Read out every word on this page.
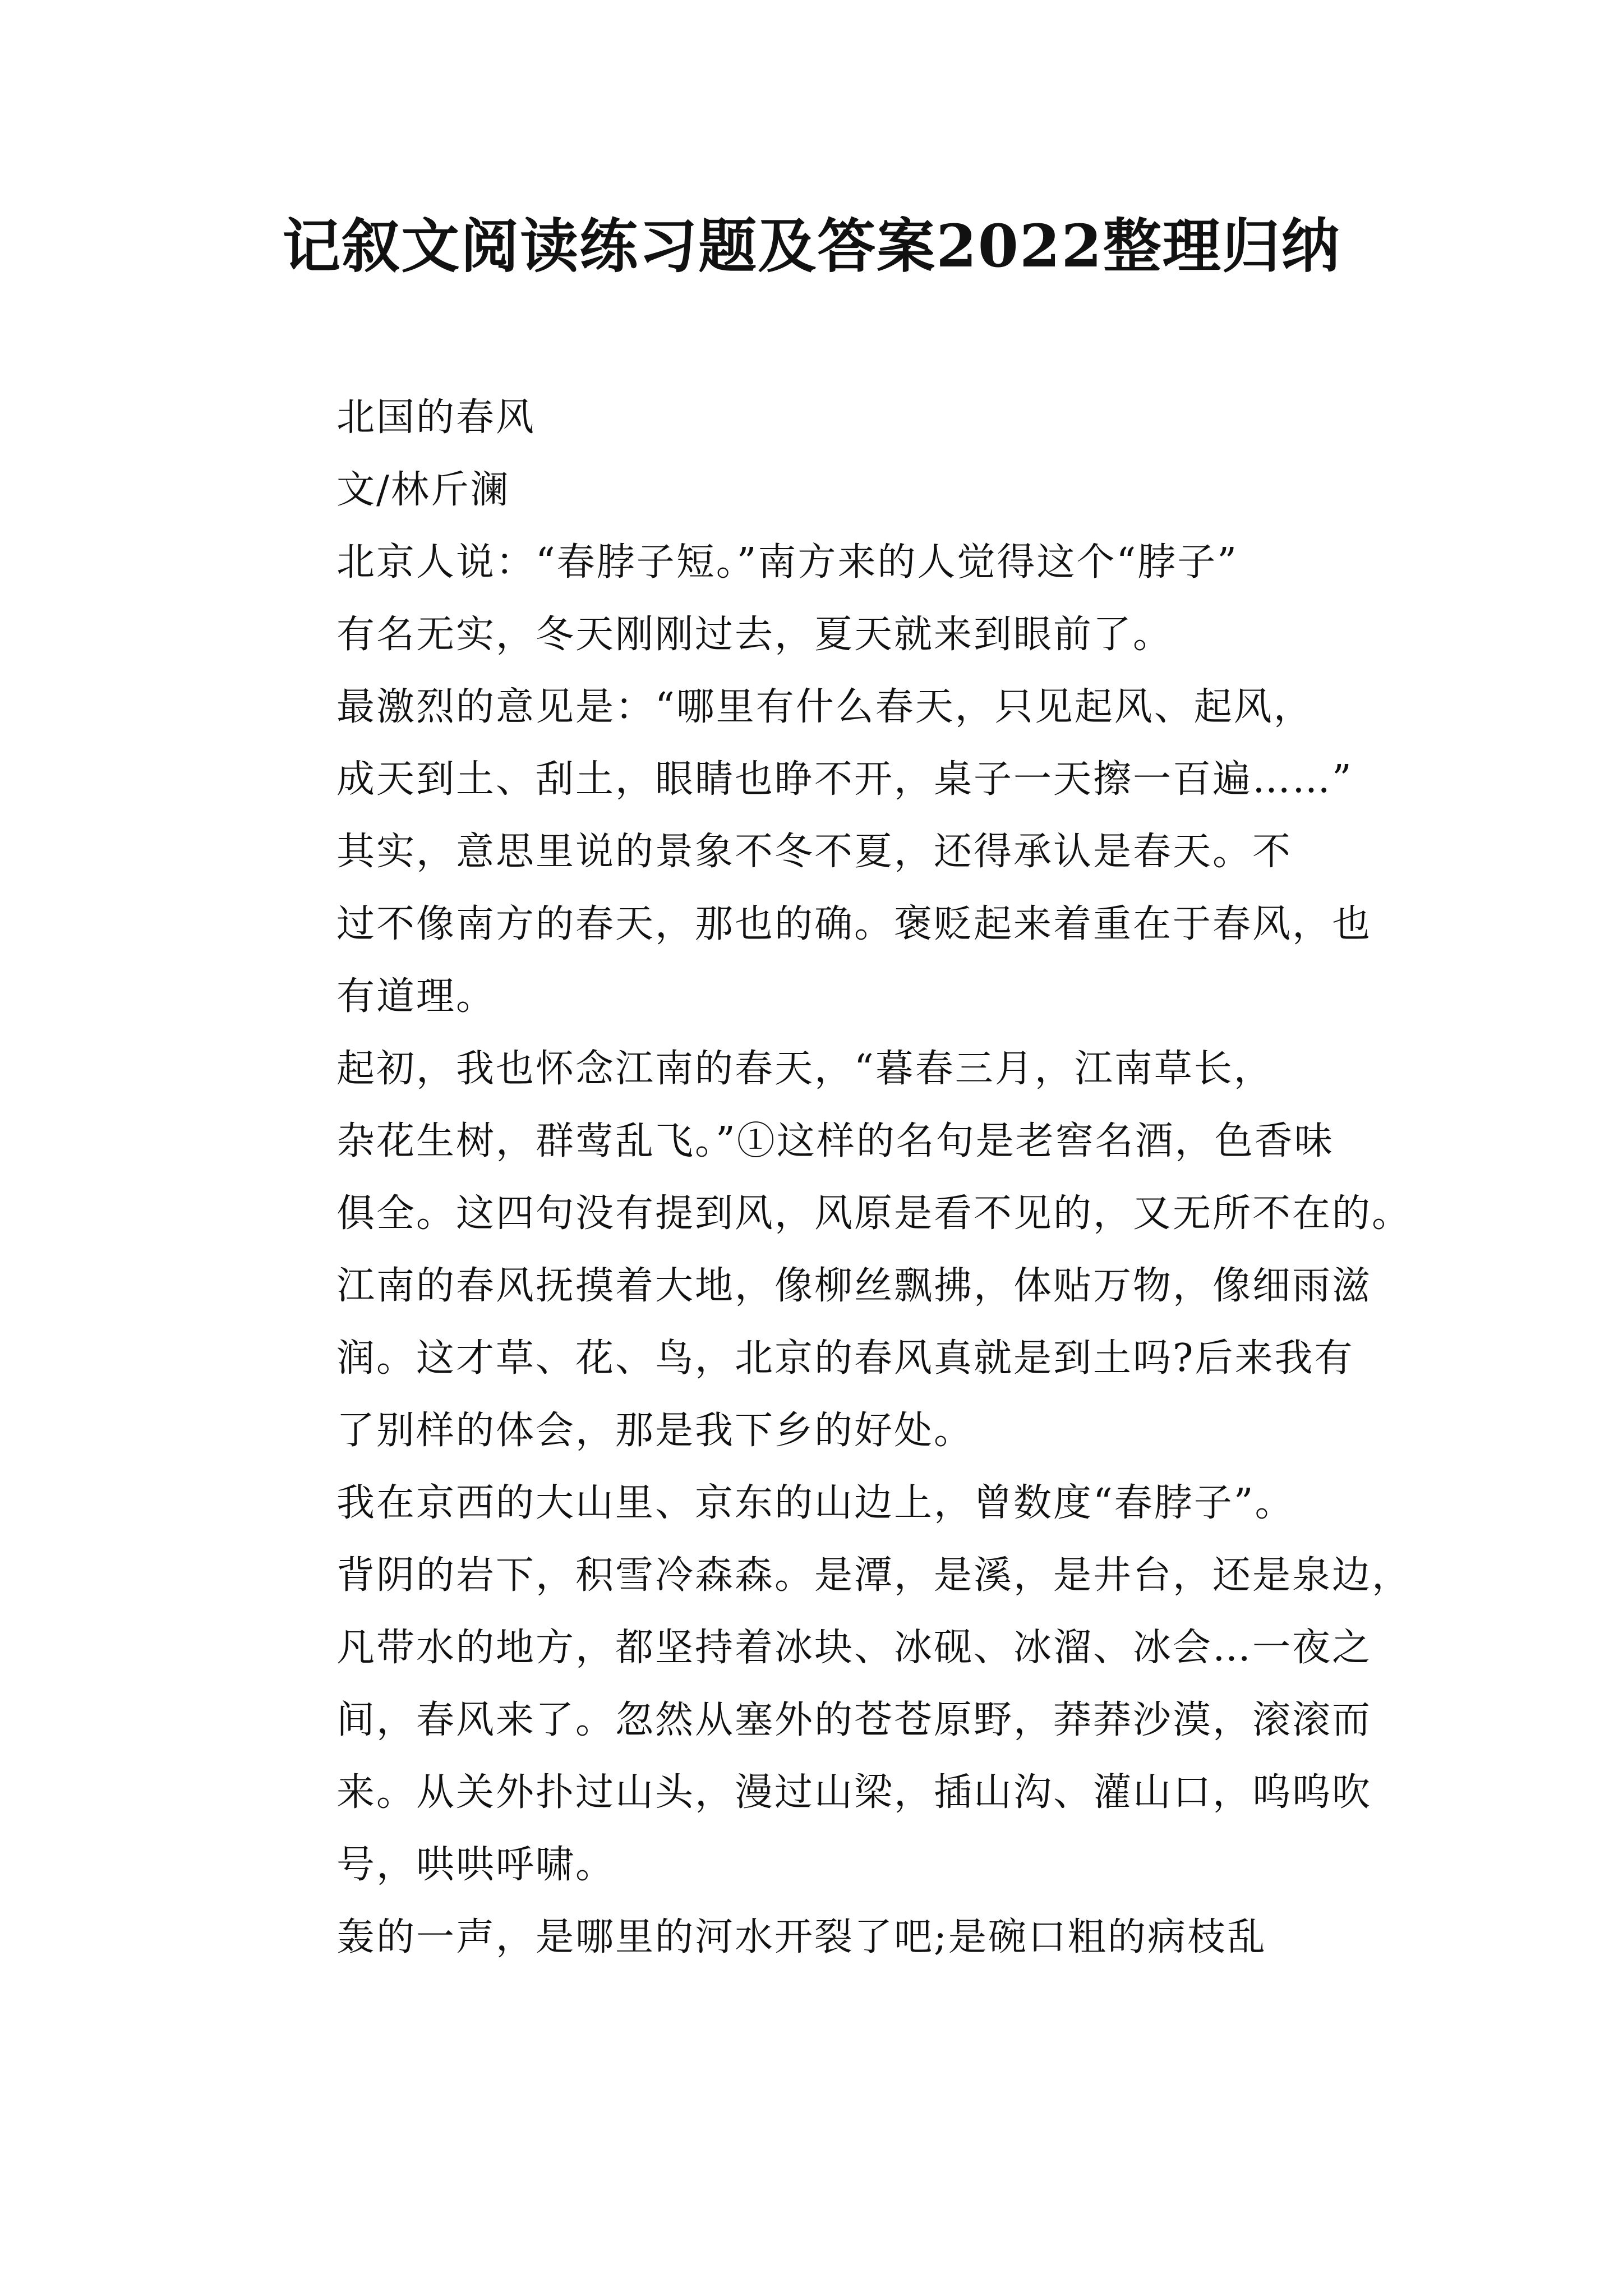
记叙文阅读练习题及答案2022整理归纳

北国的春风

文/林斤澜

北京人说：“春脖子短。”南方来的人觉得这个“脖子”
有名无实，冬天刚刚过去，夏天就来到眼前了。

最激烈的意见是：“哪里有什么春天，只见起风、起风，
成天到土、刮土，眼睛也睁不开，桌子一天擦一百遍……”

其实，意思里说的景象不冬不夏，还得承认是春天。不
过不像南方的春天，那也的确。褒贬起来着重在于春风，也
有道理。

起初，我也怀念江南的春天，“暮春三月，江南草长，
杂花生树，群莺乱飞。”①这样的名句是老窖名酒，色香味
俱全。这四句没有提到风，风原是看不见的，又无所不在的。
江南的春风抚摸着大地，像柳丝飘拂，体贴万物，像细雨滋
润。这才草、花、鸟，北京的春风真就是到土吗?后来我有
了别样的体会，那是我下乡的好处。

我在京西的大山里、京东的山边上，曾数度“春脖子”。
背阴的岩下，积雪冷森森。是潭，是溪，是井台，还是泉边，
凡带水的地方，都坚持着冰块、冰砚、冰溜、冰会…一夜之
间，春风来了。忽然从塞外的苍苍原野，莽莽沙漠，滚滚而
来。从关外扑过山头，漫过山梁，插山沟、灌山口，呜呜吹
号，哄哄呼啸。

轰的一声，是哪里的河水开裂了吧;是碗口粗的病枝乱
